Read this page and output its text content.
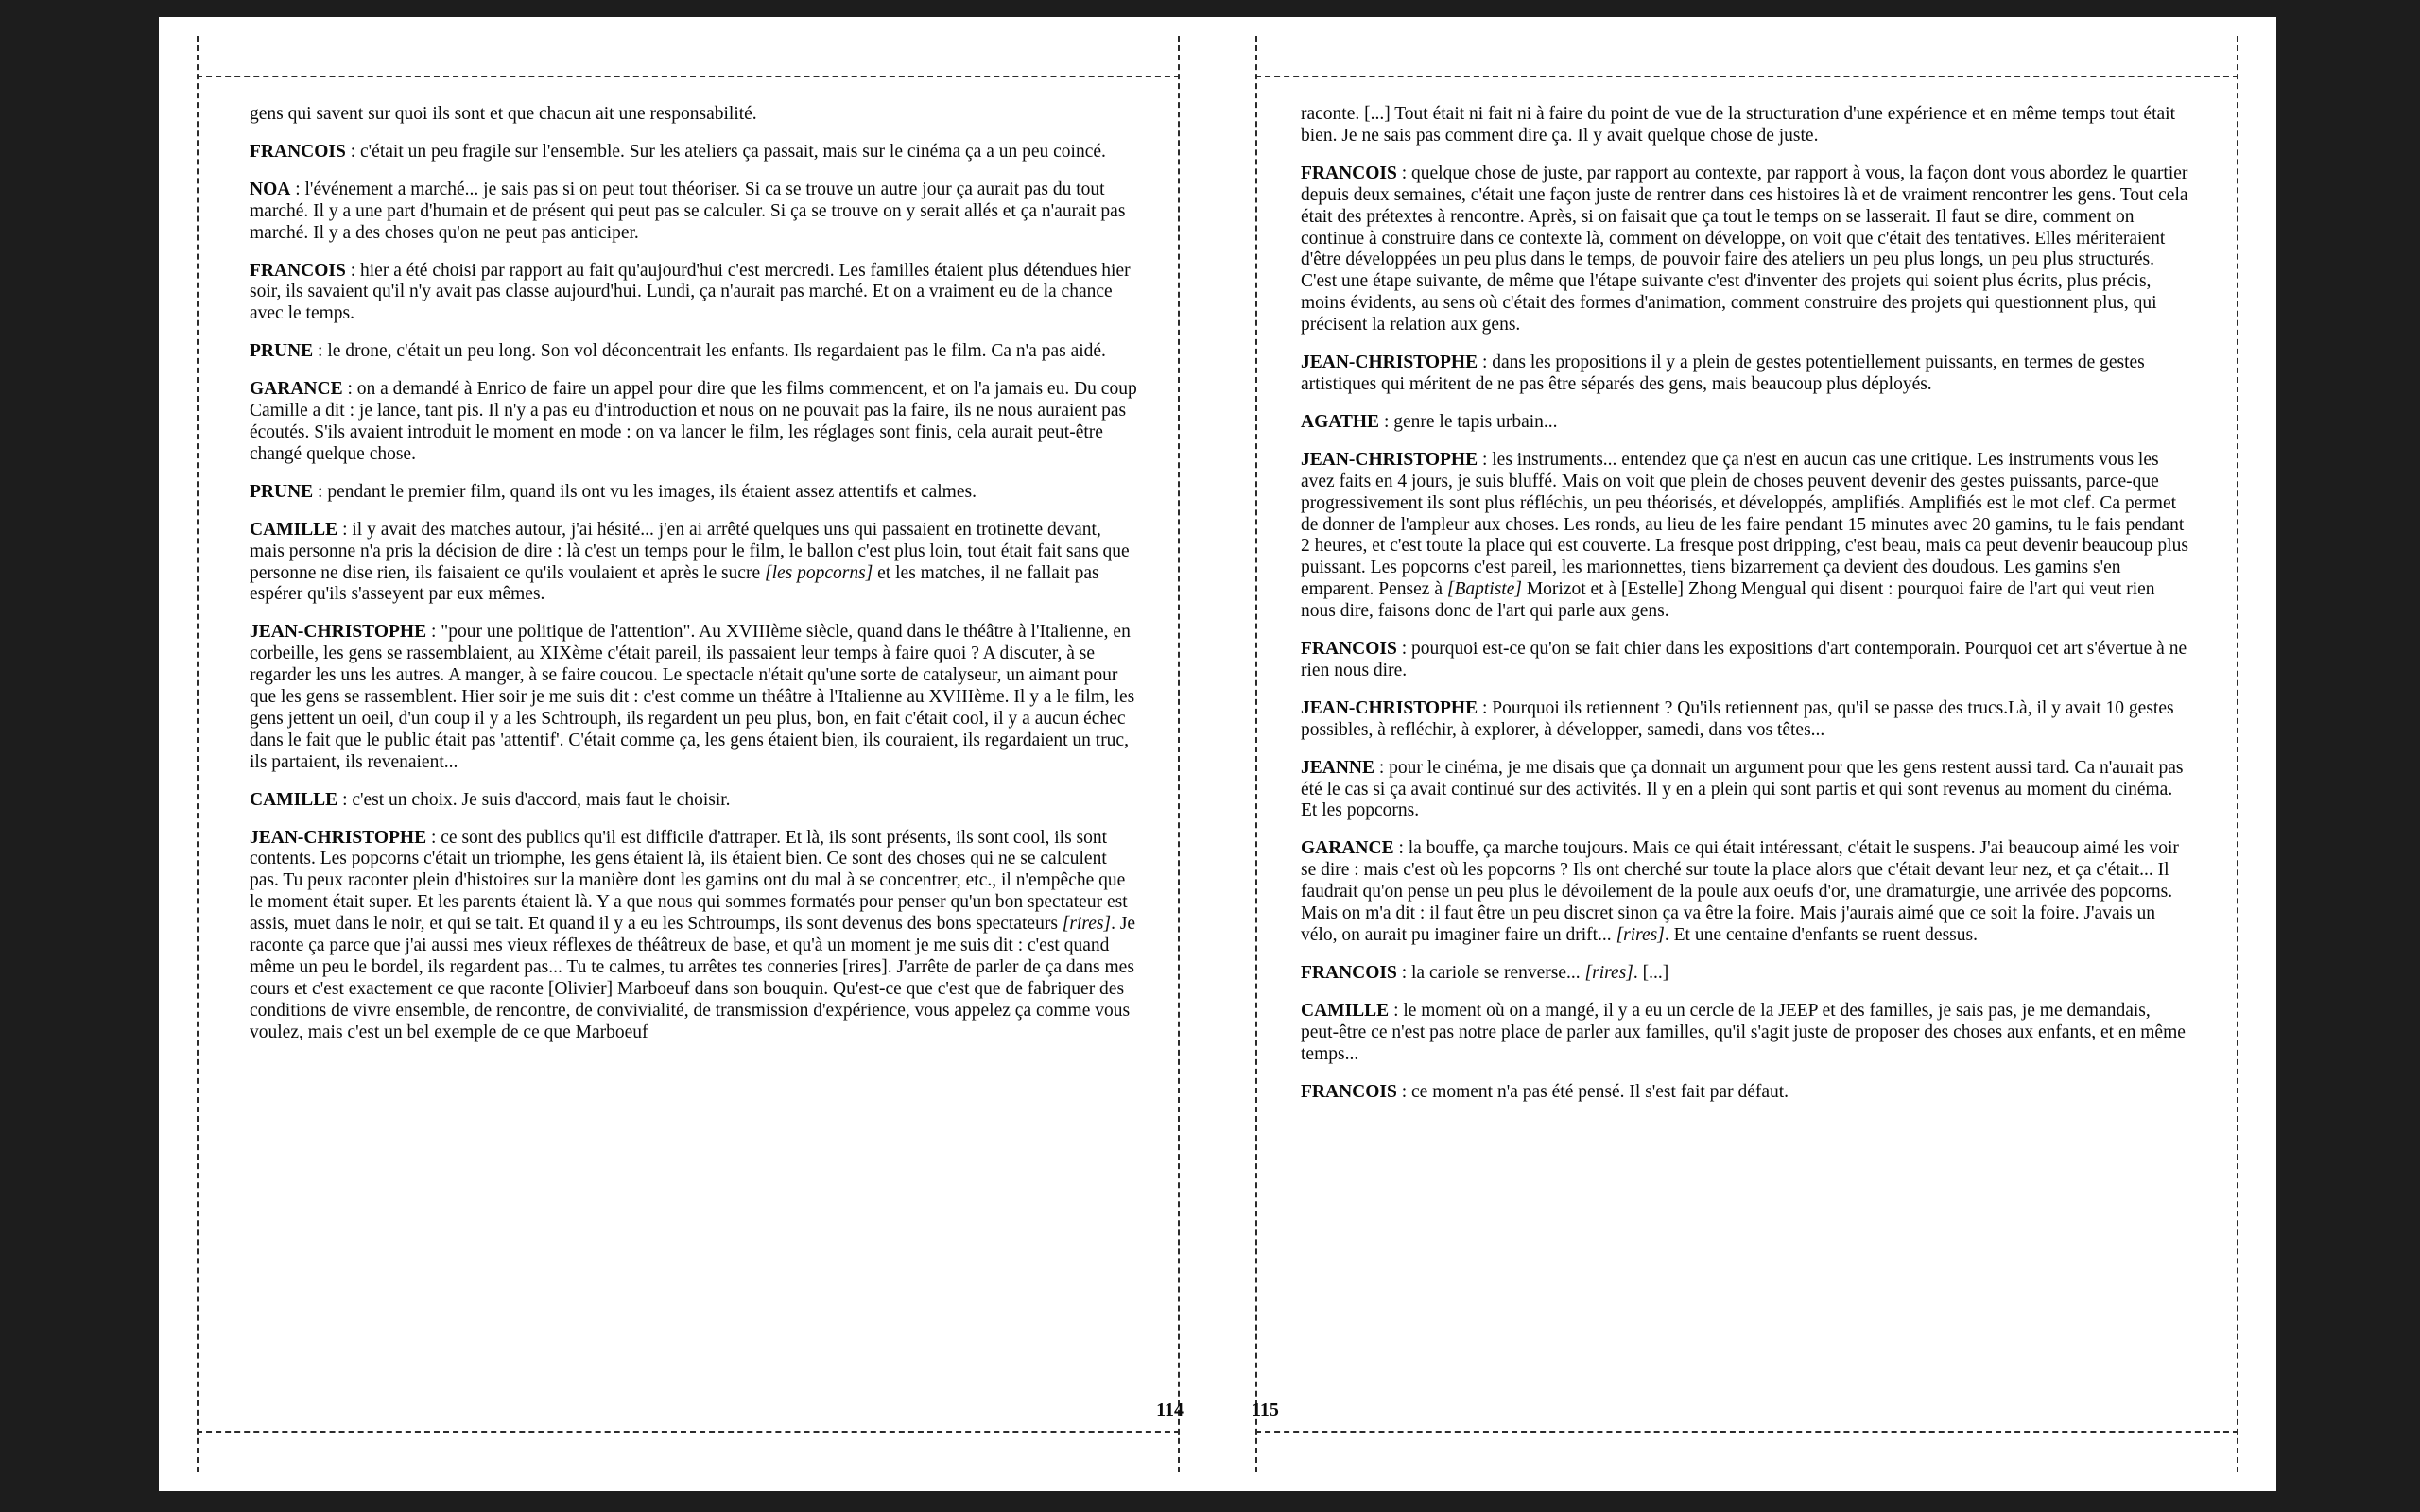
gens qui savent sur quoi ils sont et que chacun ait une responsabilité.

FRANCOIS : c'était un peu fragile sur l'ensemble. Sur les ateliers ça passait, mais sur le cinéma ça a un peu coincé.

NOA : l'événement a marché... je sais pas si on peut tout théoriser. Si ca se trouve un autre jour ça aurait pas du tout marché. Il y a une part d'humain et de présent qui peut pas se calculer. Si ça se trouve on y serait allés et ça n'aurait pas marché. Il y a des choses qu'on ne peut pas anticiper.

FRANCOIS : hier a été choisi par rapport au fait qu'aujourd'hui c'est mercredi. Les familles étaient plus détendues hier soir, ils savaient qu'il n'y avait pas classe aujourd'hui. Lundi, ça n'aurait pas marché. Et on a vraiment eu de la chance avec le temps.

PRUNE : le drone, c'était un peu long. Son vol déconcentrait les enfants. Ils regardaient pas le film. Ca n'a pas aidé.

GARANCE : on a demandé à Enrico de faire un appel pour dire que les films commencent, et on l'a jamais eu. Du coup Camille a dit : je lance, tant pis. Il n'y a pas eu d'introduction et nous on ne pouvait pas la faire, ils ne nous auraient pas écoutés. S'ils avaient introduit le moment en mode : on va lancer le film, les réglages sont finis, cela aurait peut-être changé quelque chose.

PRUNE : pendant le premier film, quand ils ont vu les images, ils étaient assez attentifs et calmes.

CAMILLE : il y avait des matches autour, j'ai hésité... j'en ai arrêté quelques uns qui passaient en trotinette devant, mais personne n'a pris la décision de dire : là c'est un temps pour le film, le ballon c'est plus loin, tout était fait sans que personne ne dise rien, ils faisaient ce qu'ils voulaient et après le sucre [les popcorns] et les matches, il ne fallait pas espérer qu'ils s'asseyent par eux mêmes.

JEAN-CHRISTOPHE : "pour une politique de l'attention". Au XVIIIème siècle, quand dans le théâtre à l'Italienne, en corbeille, les gens se rassemblaient, au XIXème c'était pareil, ils passaient leur temps à faire quoi ? A discuter, à se regarder les uns les autres. A manger, à se faire coucou. Le spectacle n'était qu'une sorte de catalyseur, un aimant pour que les gens se rassemblent. Hier soir je me suis dit : c'est comme un théâtre à l'Italienne au XVIIIème. Il y a le film, les gens jettent un oeil, d'un coup il y a les Schtrouph, ils regardent un peu plus, bon, en fait c'était cool, il y a aucun échec dans le fait que le public était pas 'attentif'. C'était comme ça, les gens étaient bien, ils couraient, ils regardaient un truc, ils partaient, ils revenaient...

CAMILLE : c'est un choix. Je suis d'accord, mais faut le choisir.

JEAN-CHRISTOPHE : ce sont des publics qu'il est difficile d'attraper. Et là, ils sont présents, ils sont cool, ils sont contents. Les popcorns c'était un triomphe, les gens étaient là, ils étaient bien. Ce sont des choses qui ne se calculent pas. Tu peux raconter plein d'histoires sur la manière dont les gamins ont du mal à se concentrer, etc., il n'empêche que le moment était super. Et les parents étaient là. Y a que nous qui sommes formatés pour penser qu'un bon spectateur est assis, muet dans le noir, et qui se tait. Et quand il y a eu les Schtroumps, ils sont devenus des bons spectateurs [rires]. Je raconte ça parce que j'ai aussi mes vieux réflexes de théâtreux de base, et qu'à un moment je me suis dit : c'est quand même un peu le bordel, ils regardent pas... Tu te calmes, tu arrêtes tes conneries [rires]. J'arrête de parler de ça dans mes cours et c'est exactement ce que raconte [Olivier] Marboeuf dans son bouquin. Qu'est-ce que c'est que de fabriquer des conditions de vivre ensemble, de rencontre, de convivialité, de transmission d'expérience, vous appelez ça comme vous voulez, mais c'est un bel exemple de ce que Marboeuf

114

raconte. [...] Tout était ni fait ni à faire du point de vue de la structuration d'une expérience et en même temps tout était bien. Je ne sais pas comment dire ça. Il y avait quelque chose de juste.

FRANCOIS : quelque chose de juste, par rapport au contexte, par rapport à vous, la façon dont vous abordez le quartier depuis deux semaines, c'était une façon juste de rentrer dans ces histoires là et de vraiment rencontrer les gens. Tout cela était des prétextes à rencontre. Après, si on faisait que ça tout le temps on se lasserait. Il faut se dire, comment on continue à construire dans ce contexte là, comment on développe, on voit que c'était des tentatives. Elles mériteraient d'être développées un peu plus dans le temps, de pouvoir faire des ateliers un peu plus longs, un peu plus structurés. C'est une étape suivante, de même que l'étape suivante c'est d'inventer des projets qui soient plus écrits, plus précis, moins évidents, au sens où c'était des formes d'animation, comment construire des projets qui questionnent plus, qui précisent la relation aux gens.

JEAN-CHRISTOPHE : dans les propositions il y a plein de gestes potentiellement puissants, en termes de gestes artistiques qui méritent de ne pas être séparés des gens, mais beaucoup plus déployés.

AGATHE : genre le tapis urbain...

JEAN-CHRISTOPHE : les instruments... entendez que ça n'est en aucun cas une critique. Les instruments vous les avez faits en 4 jours, je suis bluffé. Mais on voit que plein de choses peuvent devenir des gestes puissants, parce-que progressivement ils sont plus réfléchis, un peu théorisés, et développés, amplifiés. Amplifiés est le mot clef. Ca permet de donner de l'ampleur aux choses. Les ronds, au lieu de les faire pendant 15 minutes avec 20 gamins, tu le fais pendant 2 heures, et c'est toute la place qui est couverte. La fresque post dripping, c'est beau, mais ca peut devenir beaucoup plus puissant. Les popcorns c'est pareil, les marionnettes, tiens bizarrement ça devient des doudous. Les gamins s'en emparent. Pensez à [Baptiste] Morizot et à [Estelle] Zhong Mengual qui disent : pourquoi faire de l'art qui veut rien nous dire, faisons donc de l'art qui parle aux gens.

FRANCOIS : pourquoi est-ce qu'on se fait chier dans les expositions d'art contemporain. Pourquoi cet art s'évertue à ne rien nous dire.

JEAN-CHRISTOPHE : Pourquoi ils retiennent ? Qu'ils retiennent pas, qu'il se passe des trucs.Là, il y avait 10 gestes possibles, à refléchir, à explorer, à développer, samedi, dans vos têtes...

JEANNE : pour le cinéma, je me disais que ça donnait un argument pour que les gens restent aussi tard. Ca n'aurait pas été le cas si ça avait continué sur des activités. Il y en a plein qui sont partis et qui sont revenus au moment du cinéma. Et les popcorns.

GARANCE : la bouffe, ça marche toujours. Mais ce qui était intéressant, c'était le suspens. J'ai beaucoup aimé les voir se dire : mais c'est où les popcorns ? Ils ont cherché sur toute la place alors que c'était devant leur nez, et ça c'était... Il faudrait qu'on pense un peu plus le dévoilement de la poule aux oeufs d'or, une dramaturgie, une arrivée des popcorns. Mais on m'a dit : il faut être un peu discret sinon ça va être la foire. Mais j'aurais aimé que ce soit la foire. J'avais un vélo, on aurait pu imaginer faire un drift... [rires]. Et une centaine d'enfants se ruent dessus.

FRANCOIS : la cariole se renverse... [rires]. [...]

CAMILLE : le moment où on a mangé, il y a eu un cercle de la JEEP et des familles, je sais pas, je me demandais, peut-être ce n'est pas notre place de parler aux familles, qu'il s'agit juste de proposer des choses aux enfants, et en même temps...

FRANCOIS : ce moment n'a pas été pensé. Il s'est fait par défaut.

115
